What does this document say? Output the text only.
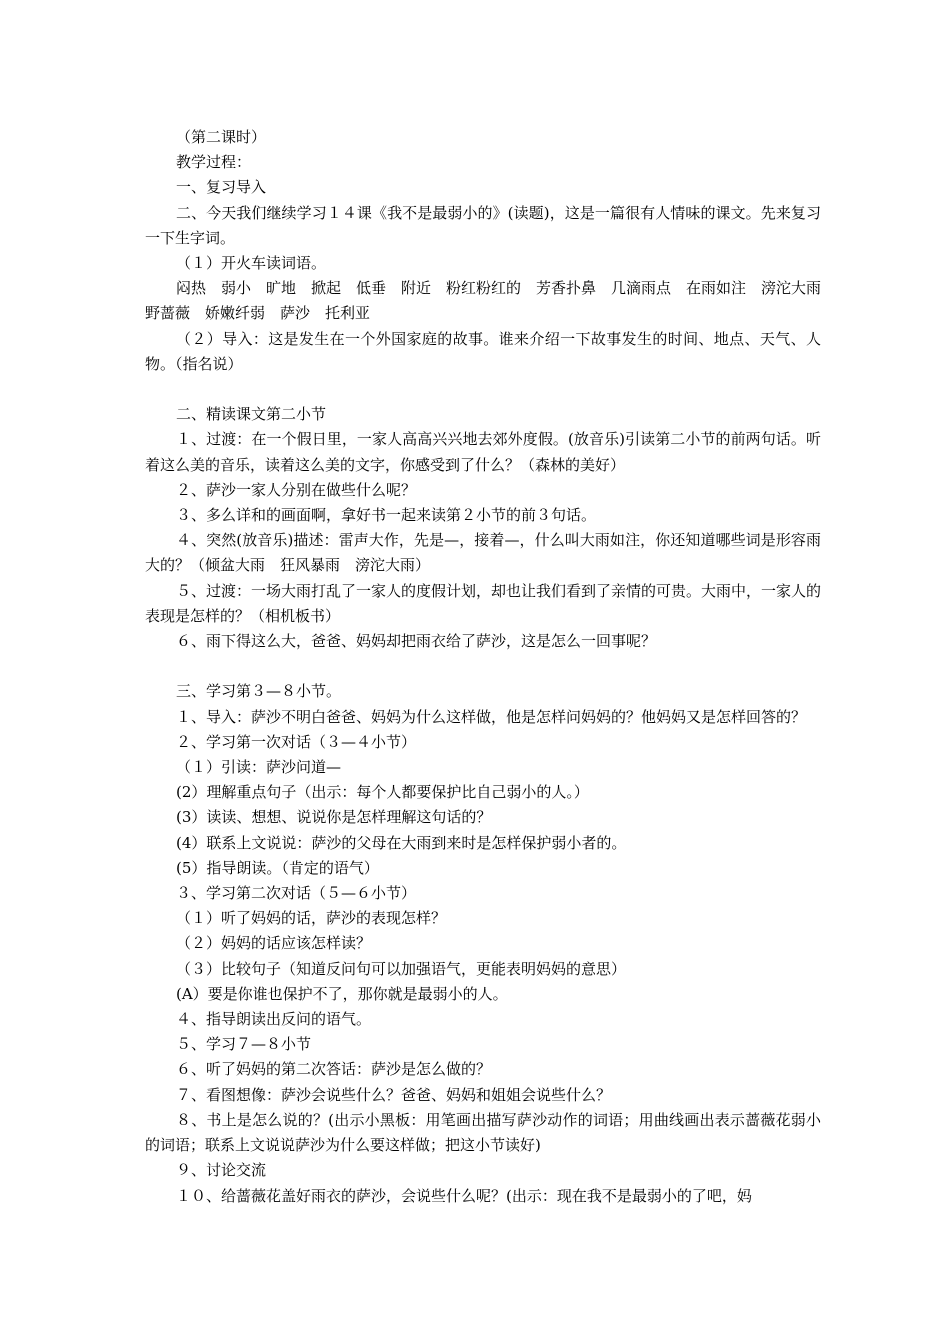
（第二课时）

教学过程：

一、复习导入

二、今天我们继续学习１４课《我不是最弱小的》(读题)，这是一篇很有人情味的课文。先来复习一下生字词。

（１）开火车读词语。

闷热　弱小　旷地　掀起　低垂　附近　粉红粉红的　芳香扑鼻　几滴雨点　在雨如注　滂沱大雨　野蔷薇　娇嫩纤弱　萨沙　托利亚

（２）导入：这是发生在一个外国家庭的故事。谁来介绍一下故事发生的时间、地点、天气、人物。（指名说）

二、精读课文第二小节

１、过渡：在一个假日里，一家人高高兴兴地去郊外度假。(放音乐)引读第二小节的前两句话。听着这么美的音乐，读着这么美的文字，你感受到了什么？（森林的美好）

２、萨沙一家人分别在做些什么呢？

３、多么详和的画面啊，拿好书一起来读第２小节的前３句话。

４、突然(放音乐)描述：雷声大作，先是—，接着—，什么叫大雨如注，你还知道哪些词是形容雨大的？（倾盆大雨　狂风暴雨　滂沱大雨）

５、过渡：一场大雨打乱了一家人的度假计划，却也让我们看到了亲情的可贵。大雨中，一家人的表现是怎样的？（相机板书）

６、雨下得这么大，爸爸、妈妈却把雨衣给了萨沙，这是怎么一回事呢？

三、学习第３—８小节。

１、导入：萨沙不明白爸爸、妈妈为什么这样做，他是怎样问妈妈的？他妈妈又是怎样回答的？

２、学习第一次对话（３—４小节）

（１）引读：萨沙问道—

(2）理解重点句子（出示：每个人都要保护比自己弱小的人。）

(3）读读、想想、说说你是怎样理解这句话的？

(4）联系上文说说：萨沙的父母在大雨到来时是怎样保护弱小者的。

(5）指导朗读。（肯定的语气）

３、学习第二次对话（５—６小节）

（１）听了妈妈的话，萨沙的表现怎样？

（２）妈妈的话应该怎样读？

（３）比较句子（知道反问句可以加强语气，更能表明妈妈的意思）

(A）要是你谁也保护不了，那你就是最弱小的人。

４、指导朗读出反问的语气。

５、学习７—８小节

６、听了妈妈的第二次答话：萨沙是怎么做的？

７、看图想像：萨沙会说些什么？爸爸、妈妈和姐姐会说些什么？

８、书上是怎么说的？(出示小黑板：用笔画出描写萨沙动作的词语；用曲线画出表示蔷薇花弱小的词语；联系上文说说萨沙为什么要这样做；把这小节读好)

９、讨论交流

１０、给蔷薇花盖好雨衣的萨沙，会说些什么呢？(出示：现在我不是最弱小的了吧，妈
